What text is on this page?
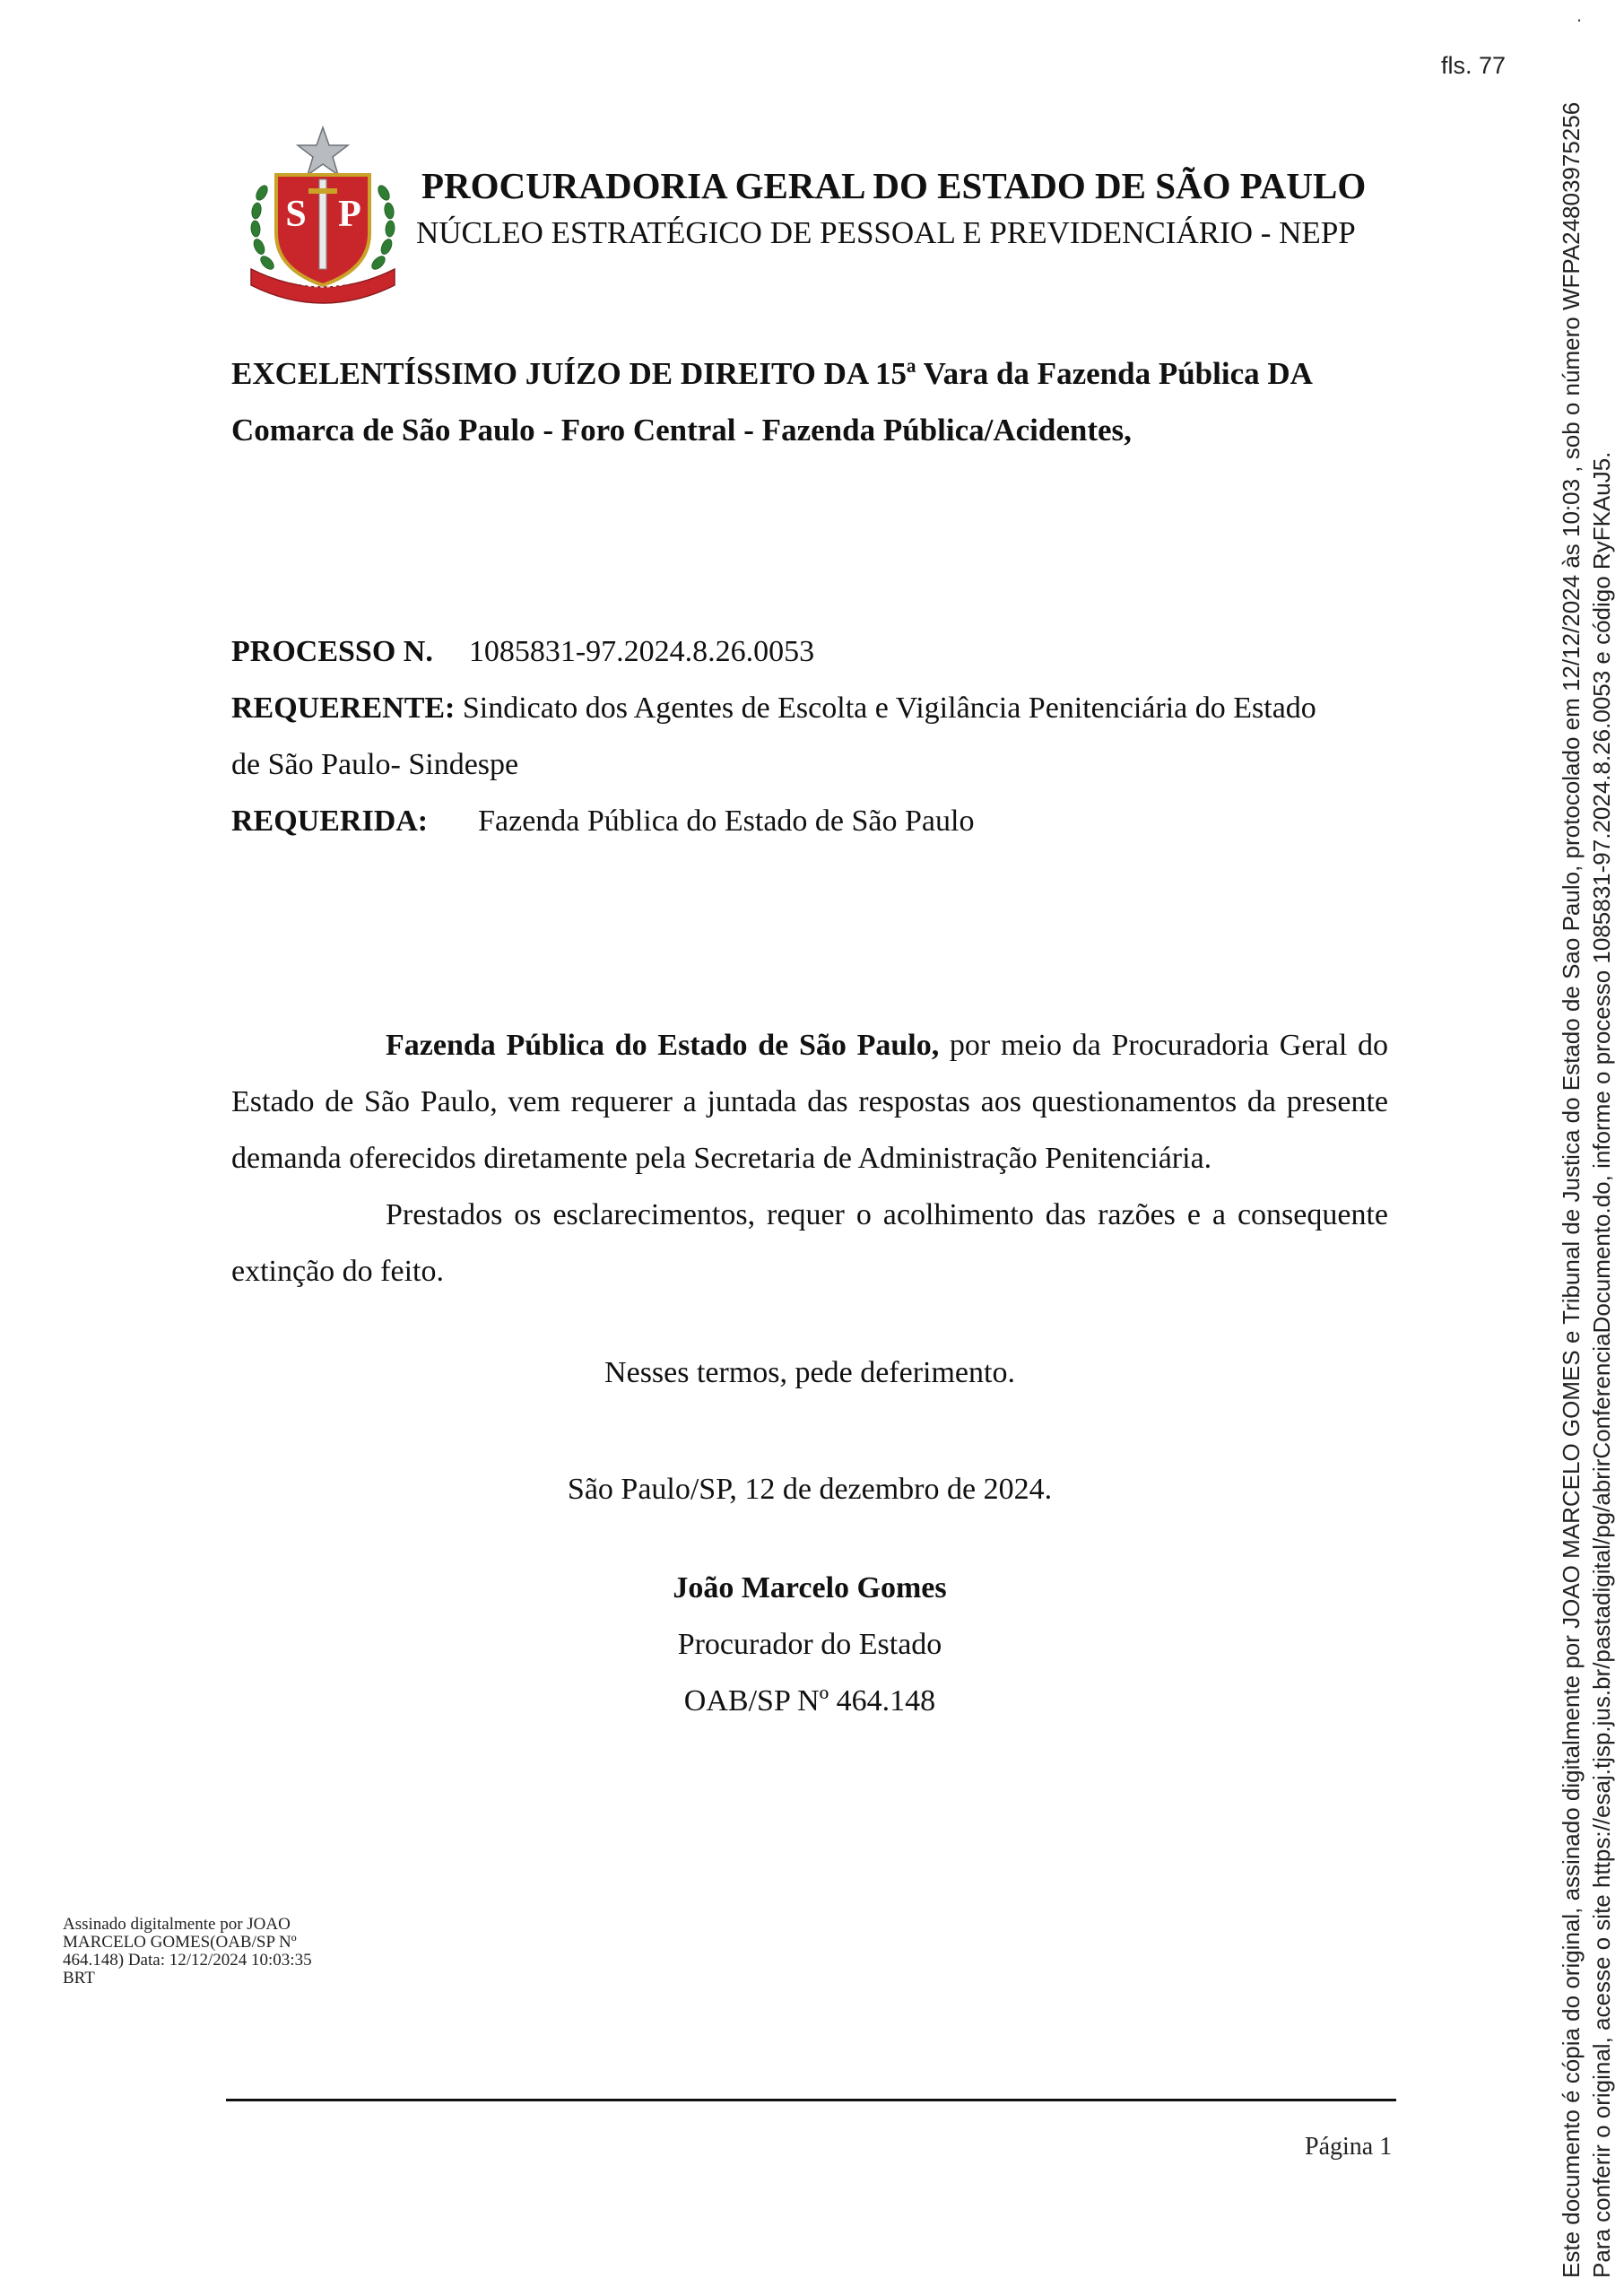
.
fls. 77
S P
PROCURADORIA GERAL DO ESTADO DE SÃO PAULO
NÚCLEO ESTRATÉGICO DE PESSOAL E PREVIDENCIÁRIO - NEPP
EXCELENTÍSSIMO JUÍZO DE DIREITO DA 15ª Vara da Fazenda Pública DA
Comarca de São Paulo - Foro Central - Fazenda Pública/Acidentes,
PROCESSO N. 1085831-97.2024.8.26.0053
REQUERENTE: Sindicato dos Agentes de Escolta e Vigilância Penitenciária do Estado
de São Paulo- Sindespe
REQUERIDA: Fazenda Pública do Estado de São Paulo

Fazenda Pública do Estado de São Paulo, por meio da Procuradoria Geral do Estado de São Paulo, vem requerer a juntada das respostas aos questionamentos da presente demanda oferecidos diretamente pela Secretaria de Administração Penitenciária.

Prestados os esclarecimentos, requer o acolhimento das razões e a consequente extinção do feito.

Nesses termos, pede deferimento.
São Paulo/SP, 12 de dezembro de 2024.
João Marcelo Gomes
Procurador do Estado
OAB/SP Nº 464.148
Assinado digitalmente por JOAO
MARCELO GOMES(OAB/SP Nº
464.148) Data: 12/12/2024 10:03:35
BRT
Página 1	Este documento é cópia do original, assinado digitalmente por JOAO MARCELO GOMES e Tribunal de Justica do Estado de Sao Paulo, protocolado em 12/12/2024 às 10:03 , sob o número WFPA24803975256 Para conferir o original, acesse o site https://esaj.tjsp.jus.br/pastadigital/pg/abrirConferenciaDocumento.do, informe o processo 1085831-97.2024.8.26.0053 e código RyFKAuJ5.
